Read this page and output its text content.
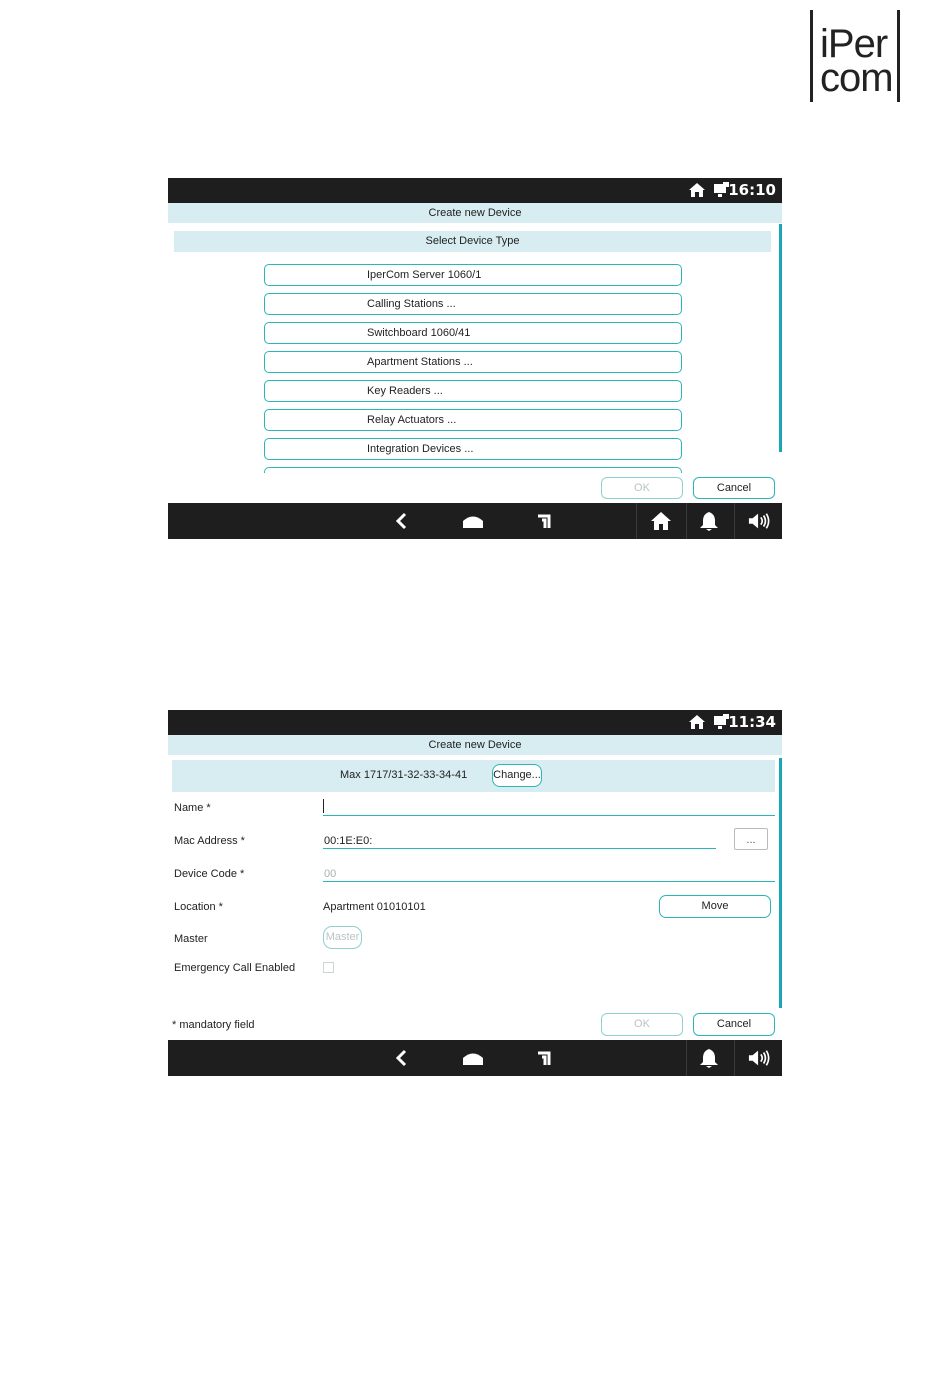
iPer
com
16:10
Create new Device
Select Device Type
IperCom Server 1060/1
Calling Stations ...
Switchboard 1060/41
Apartment Stations ...
Key Readers ...
Relay Actuators ...
Integration Devices ...
OK	Cancel
11:34
Create new Device
Max 1717/31-32-33-34-41 Change...
Name *
Mac Address *	00:1E:E0:	...
Device Code *	00
Location *	Apartment 01010101	Move
Master	Master
Emergency Call Enabled
* mandatory field	OK	Cancel
